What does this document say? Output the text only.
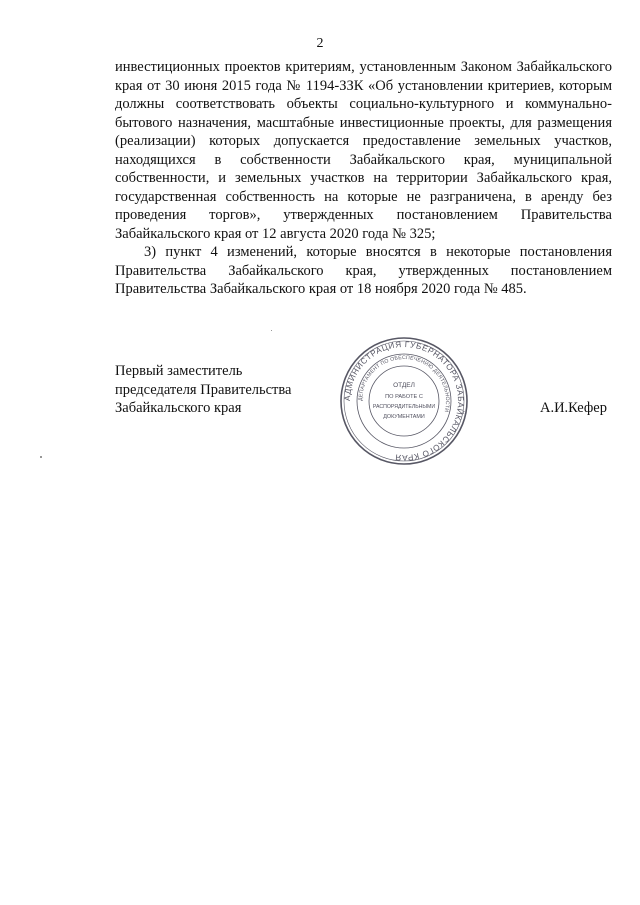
2

инвестиционных проектов критериям, установленным Законом Забайкальского края от 30 июня 2015 года № 1194-ЗЗК «Об установлении критериев, которым должны соответствовать объекты социально-культурного и коммунально-бытового назначения, масштабные инвестиционные проекты, для размещения (реализации) которых допускается предоставление земельных участков, находящихся в собственности Забайкальского края, муниципальной собственности, и земельных участков на территории Забайкальского края, государственная собственность на которые не разграничена, в аренду без проведения торгов», утвержденных постановлением Правительства Забайкальского края от 12 августа 2020 года № 325;

3) пункт 4 изменений, которые вносятся в некоторые постановления Правительства Забайкальского края, утвержденных постановлением Правительства Забайкальского края от 18 ноября 2020 года № 485.

Первый заместитель
председателя Правительства
Забайкальского края	А.И.Кефер
АДМИНИСТРАЦИЯ ГУБЕРНАТОРА ЗАБАЙКАЛЬСКОГО КРАЯ
ДЕПАРТАМЕНТ ПО ОБЕСПЕЧЕНИЮ ДЕЯТЕЛЬНОСТИ
ОТДЕЛ
ПО РАБОТЕ С
РАСПОРЯДИТЕЛЬНЫМИ
ДОКУМЕНТАМИ
